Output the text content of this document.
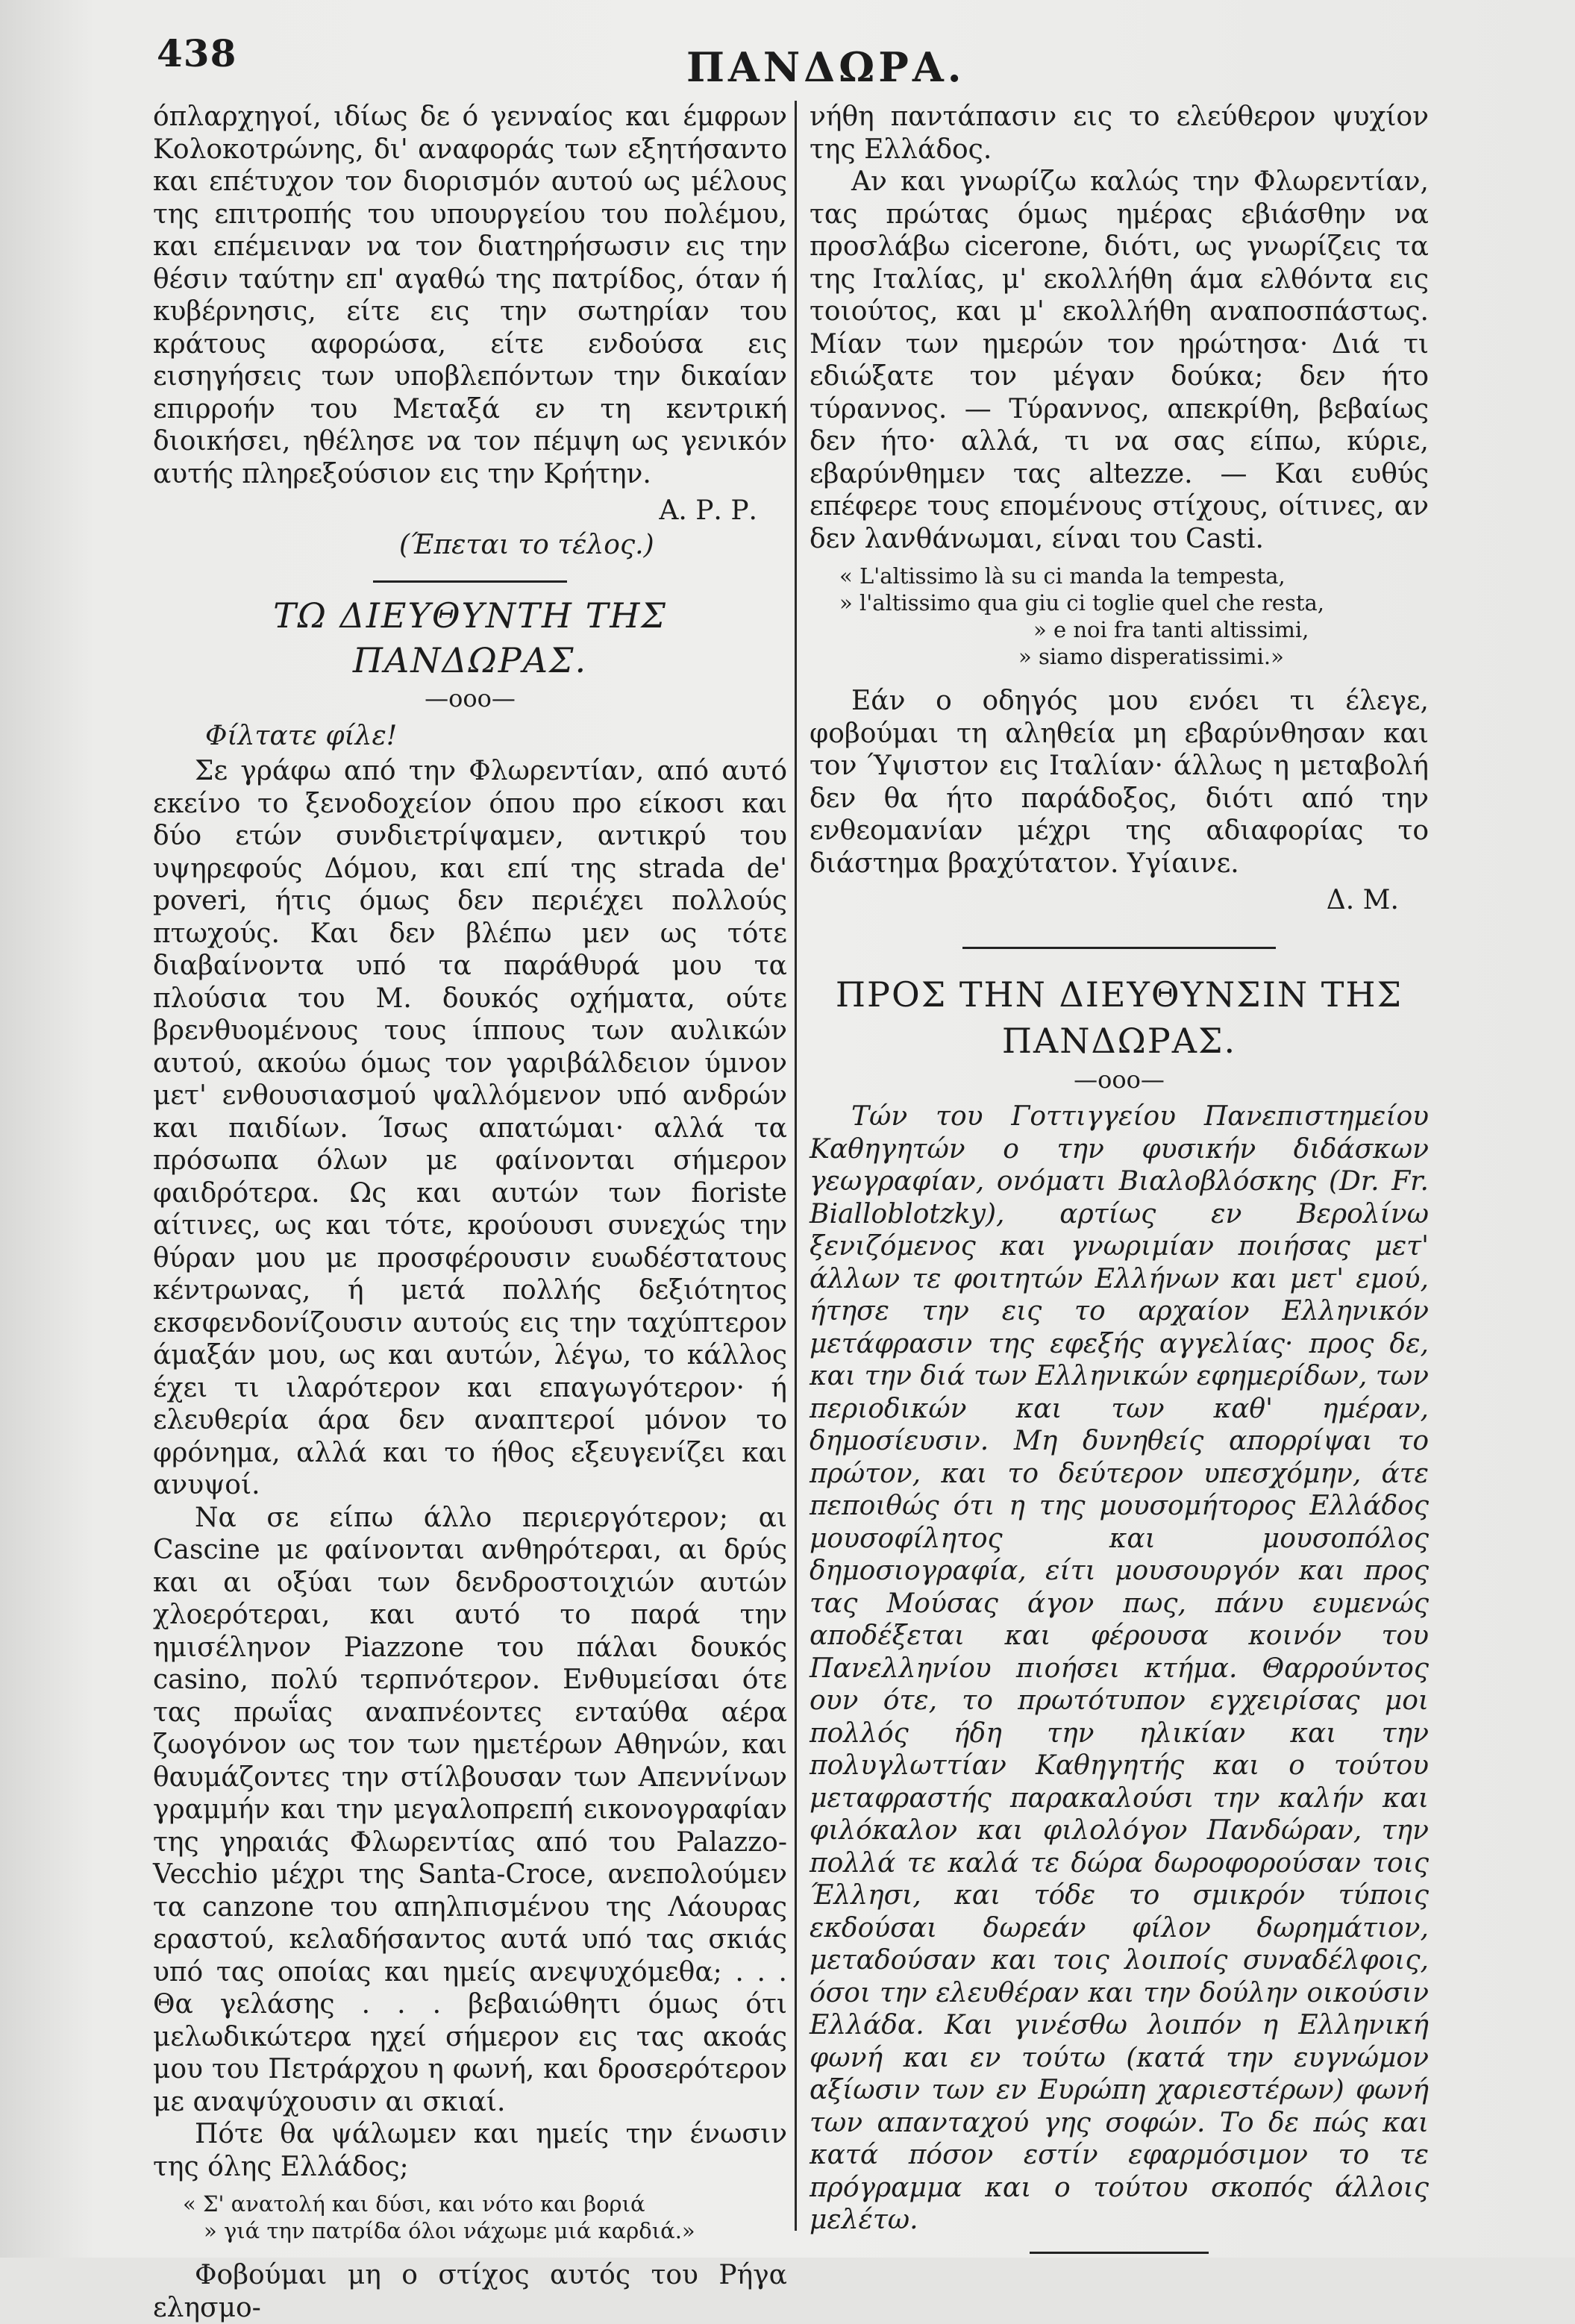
438	ΠΑΝΔΩΡΑ.

όπλαρχηγοί, ιδίως δε ό γενναίος και έμφρων Κολοκοτρώνης, δι' αναφοράς των εξητήσαντο και επέτυχον τον διορισμόν αυτού ως μέλους της επιτροπής του υπουργείου του πολέμου, και επέμειναν να τον διατηρήσωσιν εις την θέσιν ταύτην επ' αγαθώ της πατρίδος, όταν ή κυβέρνησις, είτε εις την σωτηρίαν του κράτους αφορώσα, είτε ενδούσα εις εισηγήσεις των υποβλεπόντων την δικαίαν επιρροήν του Μεταξά εν τη κεντρική διοικήσει, ηθέλησε να τον πέμψη ως γενικόν αυτής πληρεξούσιον εις την Κρήτην.

Α. Ρ. Ρ.

(Έπεται το τέλος.)

ΤΩ ΔΙΕΥΘΥΝΤΗ ΤΗΣ ΠΑΝΔΩΡΑΣ.

—ooo—

Φίλτατε φίλε!

Σε γράφω από την Φλωρεντίαν, από αυτό εκείνο το ξενοδοχείον όπου προ είκοσι και δύο ετών συνδιετρίψαμεν, αντικρύ του υψηρεφούς Δόμου, και επί της strada de' poveri, ήτις όμως δεν περιέχει πολλούς πτωχούς. Και δεν βλέπω μεν ως τότε διαβαίνοντα υπό τα παράθυρά μου τα πλούσια του Μ. δουκός οχήματα, ούτε βρενθυομένους τους ίππους των αυλικών αυτού, ακούω όμως τον γαριβάλδειον ύμνον μετ' ενθουσιασμού ψαλλόμενον υπό ανδρών και παιδίων. Ίσως απατώμαι· αλλά τα πρόσωπα όλων με φαίνονται σήμερον φαιδρότερα. Ως και αυτών των fioriste αίτινες, ως και τότε, κρούουσι συνεχώς την θύραν μου με προσφέρουσιν ευωδέστατους κέντρωνας, ή μετά πολλής δεξιότητος εκσφενδονίζουσιν αυτούς εις την ταχύπτερον άμαξάν μου, ως και αυτών, λέγω, το κάλλος έχει τι ιλαρότερον και επαγωγότερον· ή ελευθερία άρα δεν αναπτεροί μόνον το φρόνημα, αλλά και το ήθος εξευγενίζει και ανυψοί.

Να σε είπω άλλο περιεργότερον; αι Cascine με φαίνονται ανθηρότεραι, αι δρύς και αι οξύαι των δενδροστοιχιών αυτών χλοερότεραι, και αυτό το παρά την ημισέληνον Piazzone του πάλαι δουκός casino, πολύ τερπνότερον. Ενθυμείσαι ότε τας πρωΐας αναπνέοντες ενταύθα αέρα ζωογόνον ως τον των ημετέρων Αθηνών, και θαυμάζοντες την στίλβουσαν των Απεννίνων γραμμήν και την μεγαλοπρεπή εικονογραφίαν της γηραιάς Φλωρεντίας από του Palazzo-Vecchio μέχρι της Santa-Croce, ανεπολούμεν τα canzone του απηλπισμένου της Λάουρας εραστού, κελαδήσαντος αυτά υπό τας σκιάς υπό τας οποίας και ημείς ανεψυχόμεθα; . . . Θα γελάσης . . . βεβαιώθητι όμως ότι μελωδικώτερα ηχεί σήμερον εις τας ακοάς μου του Πετράρχου η φωνή, και δροσερότερον με αναψύχουσιν αι σκιαί.

Πότε θα ψάλωμεν και ημείς την ένωσιν της όλης Ελλάδος;

« Σ' ανατολή και δύσι, και νότο και βοριά

» γιά την πατρίδα όλοι νάχωμε μιά καρδιά.»

Φοβούμαι μη ο στίχος αυτός του Ρήγα ελησμο-

νήθη παντάπασιν εις το ελεύθερον ψυχίον της Ελλάδος.

Αν και γνωρίζω καλώς την Φλωρεντίαν, τας πρώτας όμως ημέρας εβιάσθην να προσλάβω cicerone, διότι, ως γνωρίζεις τα της Ιταλίας, μ' εκολλήθη άμα ελθόντα εις τοιούτος, και μ' εκολλήθη αναποσπάστως. Μίαν των ημερών τον ηρώτησα· Διά τι εδιώξατε τον μέγαν δούκα; δεν ήτο τύραννος. — Τύραννος, απεκρίθη, βεβαίως δεν ήτο· αλλά, τι να σας είπω, κύριε, εβαρύνθημεν τας altezze. — Και ευθύς επέφερε τους επομένους στίχους, οίτινες, αν δεν λανθάνωμαι, είναι του Casti.

« L'altissimo là su ci manda la tempesta,

» l'altissimo qua giu ci toglie quel che resta,

» e noi fra tanti altissimi,

» siamo disperatissimi.»

Εάν ο οδηγός μου ενόει τι έλεγε, φοβούμαι τη αληθεία μη εβαρύνθησαν και τον Ύψιστον εις Ιταλίαν· άλλως η μεταβολή δεν θα ήτο παράδοξος, διότι από την ενθεομανίαν μέχρι της αδιαφορίας το διάστημα βραχύτατον. Υγίαινε.

Δ. Μ.

ΠΡΟΣ ΤΗΝ ΔΙΕΥΘΥΝΣΙΝ ΤΗΣ ΠΑΝΔΩΡΑΣ.

—ooo—

Τών του Γοττιγγείου Πανεπιστημείου Καθηγητών ο την φυσικήν διδάσκων γεωγραφίαν, ονόματι Βιαλοβλόσκης (Dr. Fr. Bialloblotzky), αρτίως εν Βερολίνω ξενιζόμενος και γνωριμίαν ποιήσας μετ' άλλων τε φοιτητών Ελλήνων και μετ' εμού, ήτησε την εις το αρχαίον Ελληνικόν μετάφρασιν της εφεξής αγγελίας· προς δε, και την διά των Ελληνικών εφημερίδων, των περιοδικών και των καθ' ημέραν, δημοσίευσιν. Μη δυνηθείς απορρίψαι το πρώτον, και το δεύτερον υπεσχόμην, άτε πεποιθώς ότι η της μουσομήτορος Ελλάδος μουσοφίλητος και μουσοπόλος δημοσιογραφία, είτι μουσουργόν και προς τας Μούσας άγον πως, πάνυ ευμενώς αποδέξεται και φέρουσα κοινόν του Πανελληνίου πιοήσει κτήμα. Θαρρούντος ουν ότε, το πρωτότυπον εγχειρίσας μοι πολλός ήδη την ηλικίαν και την πολυγλωττίαν Καθηγητής και ο τούτου μεταφραστής παρακαλούσι την καλήν και φιλόκαλον και φιλολόγον Πανδώραν, την πολλά τε καλά τε δώρα δωροφορούσαν τοις Έλλησι, και τόδε το σμικρόν τύποις εκδούσαι δωρεάν φίλον δωρημάτιον, μεταδούσαν και τοις λοιποίς συναδέλφοις, όσοι την ελευθέραν και την δούλην οικούσιν Ελλάδα. Και γινέσθω λοιπόν η Ελληνική φωνή και εν τούτω (κατά την ευγνώμον αξίωσιν των εν Ευρώπη χαριεστέρων) φωνή των απανταχού γης σοφών. Το δε πώς και κατά πόσον εστίν εφαρμόσιμον το τε πρόγραμμα και ο τούτου σκοπός άλλοις μελέτω.
